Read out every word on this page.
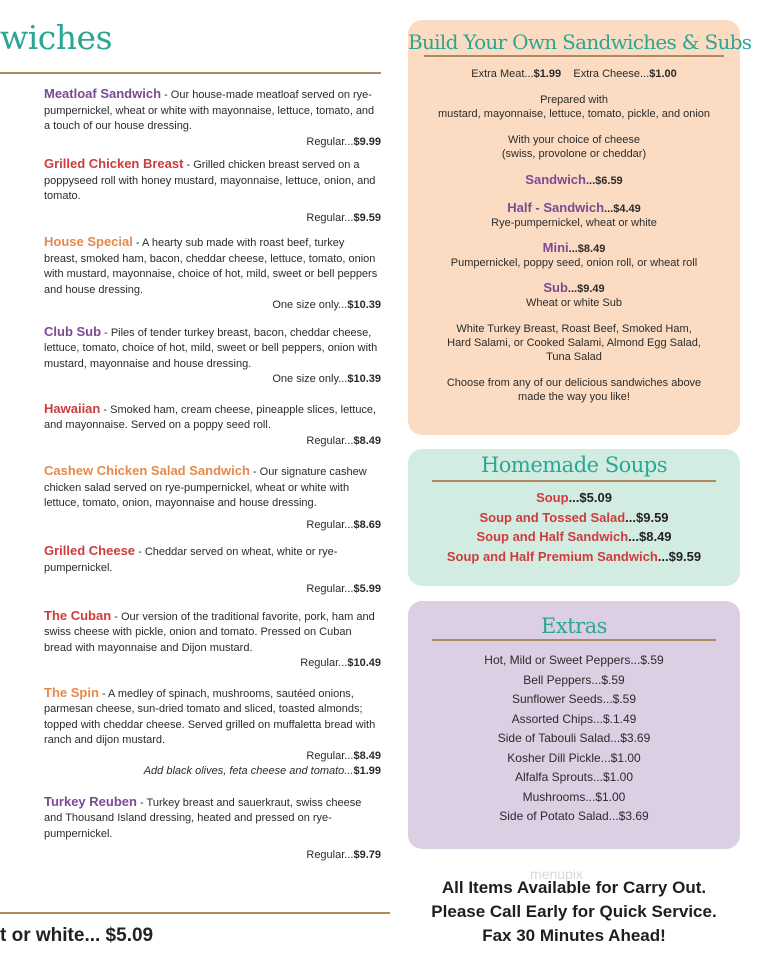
wiches
Meatloaf Sandwich - Our house-made meatloaf served on rye-pumpernickel, wheat or white with mayonnaise, lettuce, tomato, and a touch of our house dressing.
Regular...$9.99
Grilled Chicken Breast - Grilled chicken breast served on a poppyseed roll with honey mustard, mayonnaise, lettuce, onion, and tomato.
Regular...$9.59
House Special - A hearty sub made with roast beef, turkey breast, smoked ham, bacon, cheddar cheese, lettuce, tomato, onion with mustard, mayonnaise, choice of hot, mild, sweet or bell peppers and house dressing.
One size only...$10.39
Club Sub - Piles of tender turkey breast, bacon, cheddar cheese, lettuce, tomato, choice of hot, mild, sweet or bell peppers, onion with mustard, mayonnaise and house dressing.
One size only...$10.39
Hawaiian - Smoked ham, cream cheese, pineapple slices, lettuce, and mayonnaise. Served on a poppy seed roll.
Regular...$8.49
Cashew Chicken Salad Sandwich - Our signature cashew chicken salad served on rye-pumpernickel, wheat or white with lettuce, tomato, onion, mayonnaise and house dressing.
Regular...$8.69
Grilled Cheese - Cheddar served on wheat, white or rye-pumpernickel.
Regular...$5.99
The Cuban - Our version of the traditional favorite, pork, ham and swiss cheese with pickle, onion and tomato. Pressed on Cuban bread with mayonnaise and Dijon mustard.
Regular...$10.49
The Spin - A medley of spinach, mushrooms, sautéed onions, parmesan cheese, sun-dried tomato and sliced, toasted almonds; topped with cheddar cheese. Served grilled on muffaletta bread with ranch and dijon mustard.
Regular...$8.49
Add black olives, feta cheese and tomato...$1.99
Turkey Reuben - Turkey breast and sauerkraut, swiss cheese and Thousand Island dressing, heated and pressed on rye-pumpernickel.
Regular...$9.79
t or white... $5.09
Build Your Own Sandwiches & Subs
Extra Meat...$1.99 Extra Cheese...$1.00
Prepared with
mustard, mayonnaise, lettuce, tomato, pickle, and onion
With your choice of cheese
(swiss, provolone or cheddar)
Sandwich...$6.59
Half - Sandwich...$4.49
Rye-pumpernickel, wheat or white
Mini...$8.49
Pumpernickel, poppy seed, onion roll, or wheat roll
Sub...$9.49
Wheat or white Sub
White Turkey Breast, Roast Beef, Smoked Ham,
Hard Salami, or Cooked Salami, Almond Egg Salad,
Tuna Salad
Choose from any of our delicious sandwiches above
made the way you like!
Homemade Soups
Soup...$5.09
Soup and Tossed Salad...$9.59
Soup and Half Sandwich...$8.49
Soup and Half Premium Sandwich...$9.59
Extras
Hot, Mild or Sweet Peppers...$.59
Bell Peppers...$.59
Sunflower Seeds...$.59
Assorted Chips...$.1.49
Side of Tabouli Salad...$3.69
Kosher Dill Pickle...$1.00
Alfalfa Sprouts...$1.00
Mushrooms...$1.00
Side of Potato Salad...$3.69
menupix
All Items Available for Carry Out.
Please Call Early for Quick Service.
Fax 30 Minutes Ahead!
